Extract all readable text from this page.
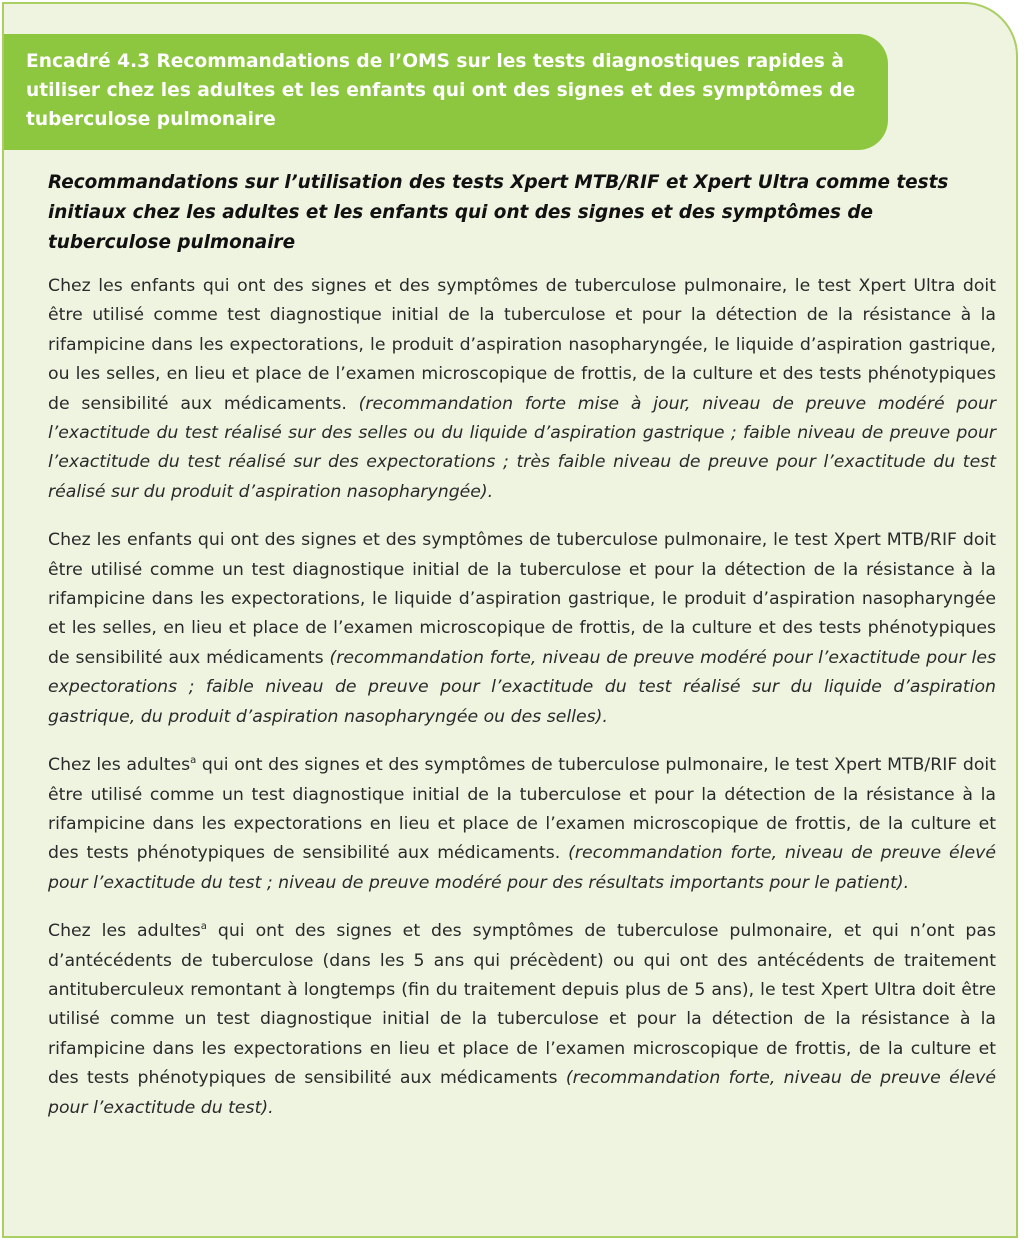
Encadré 4.3 Recommandations de l’OMS sur les tests diagnostiques rapides à utiliser chez les adultes et les enfants qui ont des signes et des symptômes de tuberculose pulmonaire
Recommandations sur l’utilisation des tests Xpert MTB/RIF et Xpert Ultra comme tests initiaux chez les adultes et les enfants qui ont des signes et des symptômes de tuberculose pulmonaire

Chez les enfants qui ont des signes et des symptômes de tuberculose pulmonaire, le test Xpert Ultra doit être utilisé comme test diagnostique initial de la tuberculose et pour la détection de la résistance à la rifampicine dans les expectorations, le produit d’aspiration nasopharyngée, le liquide d’aspiration gastrique, ou les selles, en lieu et place de l’examen microscopique de frottis, de la culture et des tests phénotypiques de sensibilité aux médicaments. (recommandation forte mise à jour, niveau de preuve modéré pour l’exactitude du test réalisé sur des selles ou du liquide d’aspiration gastrique ; faible niveau de preuve pour l’exactitude du test réalisé sur des expectorations ; très faible niveau de preuve pour l’exactitude du test réalisé sur du produit d’aspiration nasopharyngée).

Chez les enfants qui ont des signes et des symptômes de tuberculose pulmonaire, le test Xpert MTB/RIF doit être utilisé comme un test diagnostique initial de la tuberculose et pour la détection de la résistance à la rifampicine dans les expectorations, le liquide d’aspiration gastrique, le produit d’aspiration nasopharyngée et les selles, en lieu et place de l’examen microscopique de frottis, de la culture et des tests phénotypiques de sensibilité aux médicaments (recommandation forte, niveau de preuve modéré pour l’exactitude pour les expectorations ; faible niveau de preuve pour l’exactitude du test réalisé sur du liquide d’aspiration gastrique, du produit d’aspiration nasopharyngée ou des selles).

Chez les adultes$^a$ qui ont des signes et des symptômes de tuberculose pulmonaire, le test Xpert MTB/RIF doit être utilisé comme un test diagnostique initial de la tuberculose et pour la détection de la résistance à la rifampicine dans les expectorations en lieu et place de l’examen microscopique de frottis, de la culture et des tests phénotypiques de sensibilité aux médicaments. (recommandation forte, niveau de preuve élevé pour l’exactitude du test ; niveau de preuve modéré pour des résultats importants pour le patient).

Chez les adultes$^a$ qui ont des signes et des symptômes de tuberculose pulmonaire, et qui n’ont pas d’antécédents de tuberculose (dans les 5 ans qui précèdent) ou qui ont des antécédents de traitement antituberculeux remontant à longtemps (fin du traitement depuis plus de 5 ans), le test Xpert Ultra doit être utilisé comme un test diagnostique initial de la tuberculose et pour la détection de la résistance à la rifampicine dans les expectorations en lieu et place de l’examen microscopique de frottis, de la culture et des tests phénotypiques de sensibilité aux médicaments (recommandation forte, niveau de preuve élevé pour l’exactitude du test).
